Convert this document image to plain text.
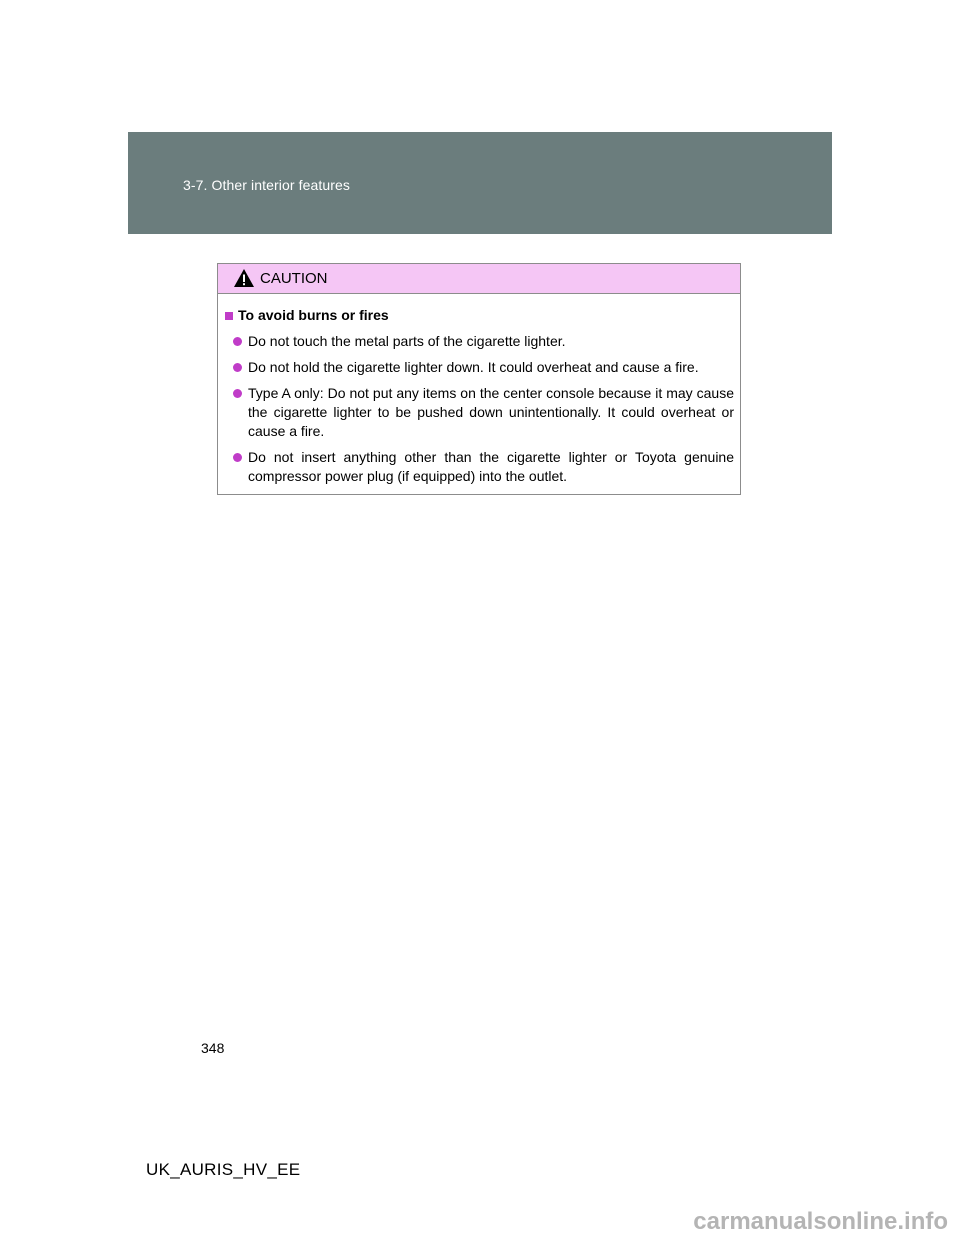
3-7. Other interior features
CAUTION
To avoid burns or fires
Do not touch the metal parts of the cigarette lighter.
Do not hold the cigarette lighter down. It could overheat and cause a fire.
Type A only: Do not put any items on the center console because it may cause the cigarette lighter to be pushed down unintentionally. It could overheat or cause a fire.
Do not insert anything other than the cigarette lighter or Toyota genuine compressor power plug (if equipped) into the outlet.
348
UK_AURIS_HV_EE
carmanualsonline.info
